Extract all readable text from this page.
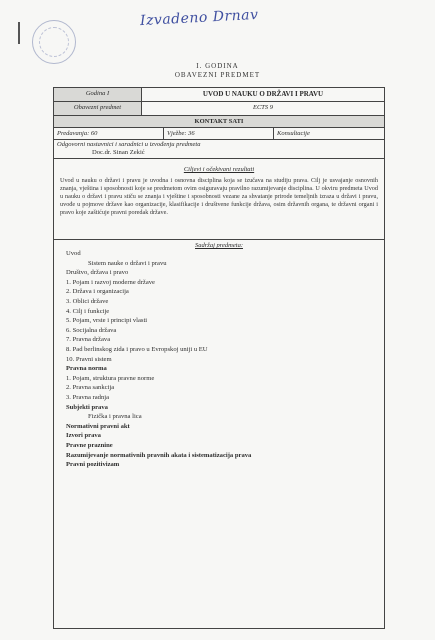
Izvadeno Drnav
I. GODINA
OBAVEZNI PREDMET
Godina I	UVOD U NAUKU O DRŽAVI I PRAVU
Obavezni predmet	ECTS 9
KONTAKT SATI
Predavanja: 60	Vježbe: 36	Konsultacije
Odgovorni nastavnici i saradnici u izvođenju predmeta
Doc.dr. Sinan Zekić
Ciljevi i očekivani rezultati
Uvod u nauku o državi i pravu je uvodna i osnovna disciplina koja se izučava na studiju prava. Cilj je usvajanje osnovnih znanja, vještina i sposobnosti koje se predmetom ovim osiguravaju pravilno razumijevanje disciplina. U okviru predmeta Uvod u nauku o državi i pravu stiču se znanja i vještine i sposobnosti vezane za shvatanje prirode temeljnih izraza u državi i pravu, uvođe u pojmove države kao organizacije, klasifikacije i društvene funkcije država, osim državnih organa, te državni organi i pravo koje zaštićuje pravni poredak države.
Sadržaj predmeta:
Uvod
Sistem nauke o državi i pravu
Društvo, država i pravo
1. Pojam i razvoj moderne države
2. Država i organizacija
3. Oblici države
4. Cilj i funkcije
5. Pojam, vrste i principi vlasti
6. Socijalna država
7. Pravna država
8. Pad berlinskog zida i pravo u Evropskoj uniji u EU
10. Pravni sistem
Pravna norma
1. Pojam, struktura pravne norme
2. Pravna sankcija
3. Pravna radnja
Subjekti prava
Fizička i pravna lica
Normativni pravni akt
Izvori prava
Pravne praznine
Razumijevanje normativnih pravnih akata i sistematizacija prava
Pravni pozitivizam
